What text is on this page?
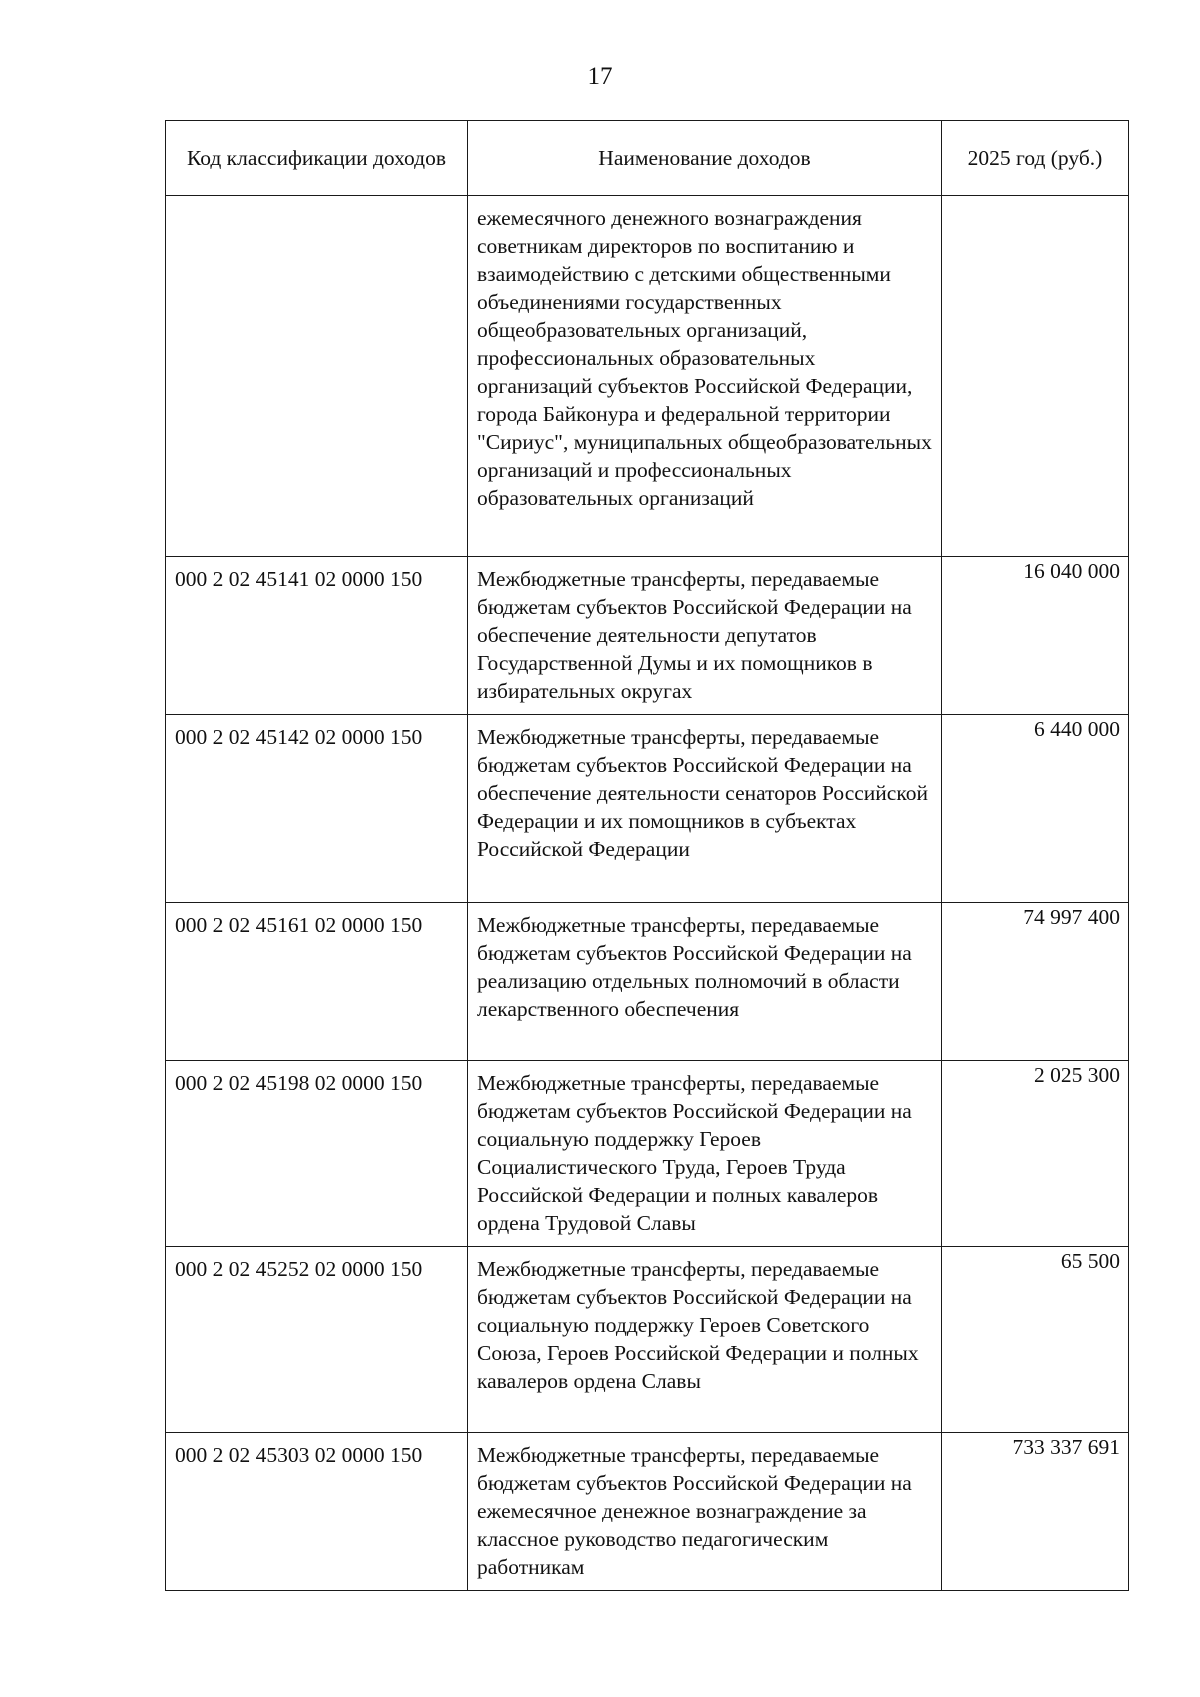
17
Код классификации доходов	Наименование доходов	2025 год (руб.)
	ежемесячного денежного вознаграждения советникам директоров по воспитанию и взаимодействию с детскими общественными объединениями государственных общеобразовательных организаций, профессиональных образовательных организаций субъектов Российской Федерации, города Байконура и федеральной территории "Сириус", муниципальных общеобразовательных организаций и профессиональных образовательных организаций	
000 2 02 45141 02 0000 150	Межбюджетные трансферты, передаваемые бюджетам субъектов Российской Федерации на обеспечение деятельности депутатов Государственной Думы и их помощников в избирательных округах	16 040 000
000 2 02 45142 02 0000 150	Межбюджетные трансферты, передаваемые бюджетам субъектов Российской Федерации на обеспечение деятельности сенаторов Российской Федерации и их помощников в субъектах Российской Федерации	6 440 000
000 2 02 45161 02 0000 150	Межбюджетные трансферты, передаваемые бюджетам субъектов Российской Федерации на реализацию отдельных полномочий в области лекарственного обеспечения	74 997 400
000 2 02 45198 02 0000 150	Межбюджетные трансферты, передаваемые бюджетам субъектов Российской Федерации на социальную поддержку Героев Социалистического Труда, Героев Труда Российской Федерации и полных кавалеров ордена Трудовой Славы	2 025 300
000 2 02 45252 02 0000 150	Межбюджетные трансферты, передаваемые бюджетам субъектов Российской Федерации на социальную поддержку Героев Советского Союза, Героев Российской Федерации и полных кавалеров ордена Славы	65 500
000 2 02 45303 02 0000 150	Межбюджетные трансферты, передаваемые бюджетам субъектов Российской Федерации на ежемесячное денежное вознаграждение за классное руководство педагогическим работникам	733 337 691
